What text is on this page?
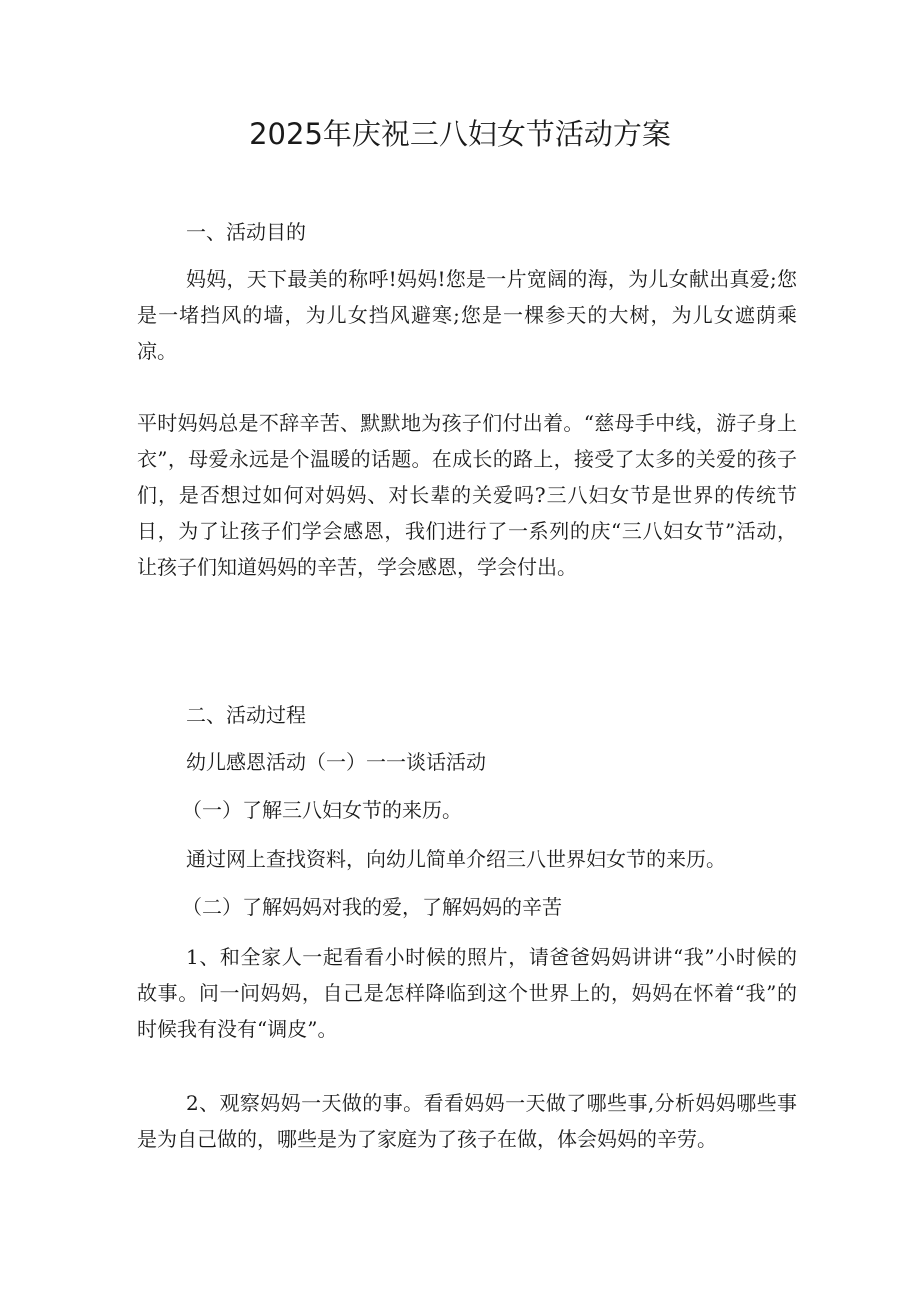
2025年庆祝三八妇女节活动方案

一、活动目的

妈妈，天下最美的称呼!妈妈!您是一片宽阔的海，为儿女献出真爱;您是一堵挡风的墙，为儿女挡风避寒;您是一棵参天的大树，为儿女遮荫乘凉。

平时妈妈总是不辞辛苦、默默地为孩子们付出着。“慈母手中线，游子身上衣”，母爱永远是个温暖的话题。在成长的路上，接受了太多的关爱的孩子们，是否想过如何对妈妈、对长辈的关爱吗?三八妇女节是世界的传统节日，为了让孩子们学会感恩，我们进行了一系列的庆“三八妇女节”活动，让孩子们知道妈妈的辛苦，学会感恩，学会付出。

二、活动过程

幼儿感恩活动（一）一一谈话活动

（一）了解三八妇女节的来历。

通过网上查找资料，向幼儿简单介绍三八世界妇女节的来历。

（二）了解妈妈对我的爱，了解妈妈的辛苦

1、和全家人一起看看小时候的照片，请爸爸妈妈讲讲“我”小时候的故事。问一问妈妈，自己是怎样降临到这个世界上的，妈妈在怀着“我”的时候我有没有“调皮”。

2、观察妈妈一天做的事。看看妈妈一天做了哪些事,分析妈妈哪些事是为自己做的，哪些是为了家庭为了孩子在做，体会妈妈的辛劳。
